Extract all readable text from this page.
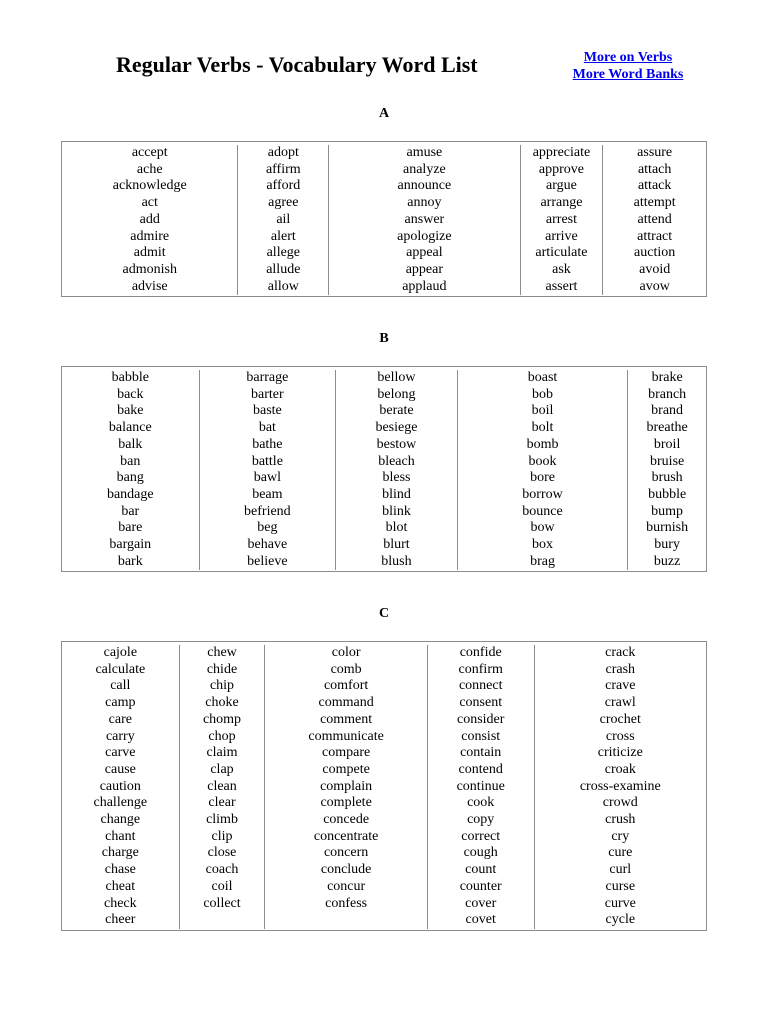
Regular Verbs - Vocabulary Word List	More on Verbs
More Word Banks
A
accept
ache
acknowledge
act
add
admire
admit
admonish
advise
adopt
affirm
afford
agree
ail
alert
allege
allude
allow
amuse
analyze
announce
annoy
answer
apologize
appeal
appear
applaud
appreciate
approve
argue
arrange
arrest
arrive
articulate
ask
assert
assure
attach
attack
attempt
attend
attract
auction
avoid
avow
B
babble
back
bake
balance
balk
ban
bang
bandage
bar
bare
bargain
bark
barrage
barter
baste
bat
bathe
battle
bawl
beam
befriend
beg
behave
believe
bellow
belong
berate
besiege
bestow
bleach
bless
blind
blink
blot
blurt
blush
boast
bob
boil
bolt
bomb
book
bore
borrow
bounce
bow
box
brag
brake
branch
brand
breathe
broil
bruise
brush
bubble
bump
burnish
bury
buzz
C
cajole
calculate
call
camp
care
carry
carve
cause
caution
challenge
change
chant
charge
chase
cheat
check
cheer
chew
chide
chip
choke
chomp
chop
claim
clap
clean
clear
climb
clip
close
coach
coil
collect
color
comb
comfort
command
comment
communicate
compare
compete
complain
complete
concede
concentrate
concern
conclude
concur
confess
confide
confirm
connect
consent
consider
consist
contain
contend
continue
cook
copy
correct
cough
count
counter
cover
covet
crack
crash
crave
crawl
crochet
cross
criticize
croak
cross-examine
crowd
crush
cry
cure
curl
curse
curve
cycle
